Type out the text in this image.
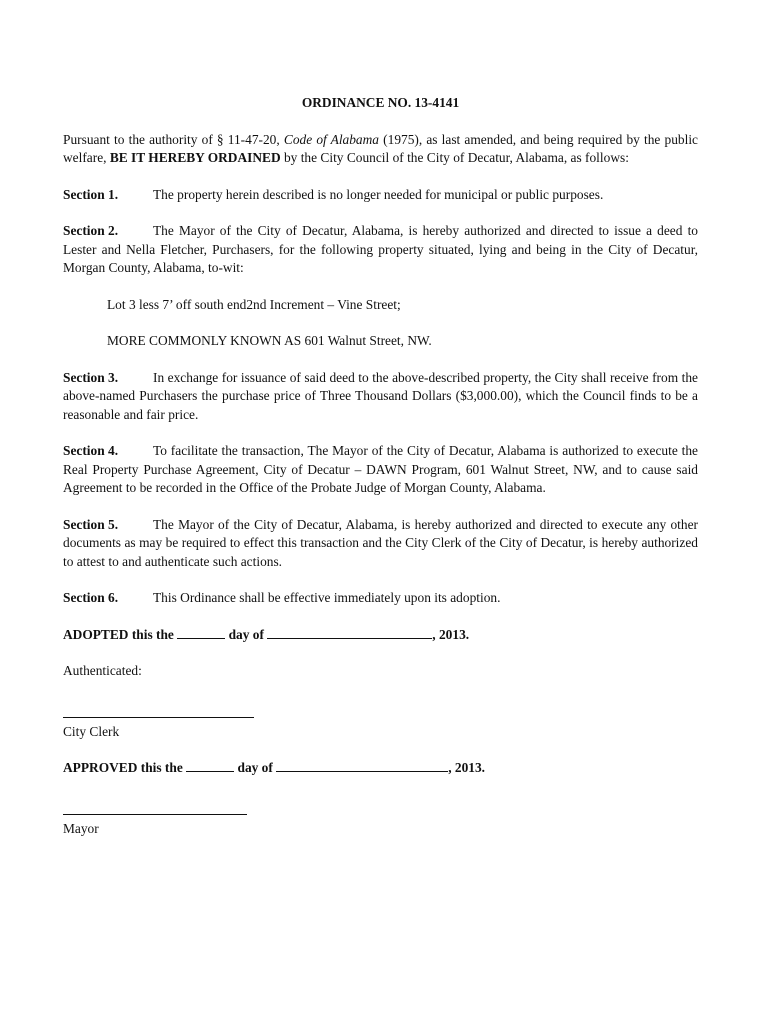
ORDINANCE NO. 13-4141

Pursuant to the authority of § 11-47-20, Code of Alabama (1975), as last amended, and being required by the public welfare, BE IT HEREBY ORDAINED by the City Council of the City of Decatur, Alabama, as follows:

Section 1.	The property herein described is no longer needed for municipal or public purposes.

Section 2.	The Mayor of the City of Decatur, Alabama, is hereby authorized and directed to issue a deed to Lester and Nella Fletcher, Purchasers, for the following property situated, lying and being in the City of Decatur, Morgan County, Alabama, to-wit:

Lot 3 less 7’ off south end2nd Increment – Vine Street;

MORE COMMONLY KNOWN AS 601 Walnut Street, NW.

Section 3.	In exchange for issuance of said deed to the above-described property, the City shall receive from the above-named Purchasers the purchase price of Three Thousand Dollars ($3,000.00), which the Council finds to be a reasonable and fair price.

Section 4.	To facilitate the transaction, The Mayor of the City of Decatur, Alabama is authorized to execute the Real Property Purchase Agreement, City of Decatur – DAWN Program, 601 Walnut Street, NW, and to cause said Agreement to be recorded in the Office of the Probate Judge of Morgan County, Alabama.

Section 5.	The Mayor of the City of Decatur, Alabama, is hereby authorized and directed to execute any other documents as may be required to effect this transaction and the City Clerk of the City of Decatur, is hereby authorized to attest to and authenticate such actions.

Section 6.	This Ordinance shall be effective immediately upon its adoption.

ADOPTED this the	day of	, 2013.

Authenticated:

City Clerk

APPROVED this the	day of	, 2013.

Mayor
